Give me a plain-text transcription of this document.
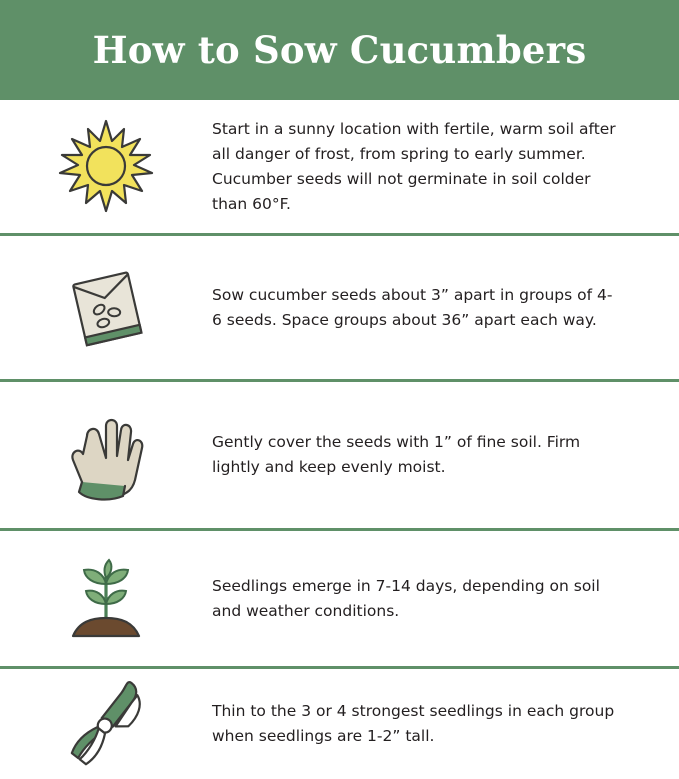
How to Sow Cucumbers

Start in a sunny location with fertile, warm soil after all danger of frost, from spring to early summer. Cucumber seeds will not germinate in soil colder than 60°F.

Sow cucumber seeds about 3” apart in groups of 4-6 seeds. Space groups about 36” apart each way.

Gently cover the seeds with 1” of fine soil. Firm lightly and keep evenly moist.

Seedlings emerge in 7-14 days, depending on soil and weather conditions.

Thin to the 3 or 4 strongest seedlings in each group when seedlings are 1-2” tall.
